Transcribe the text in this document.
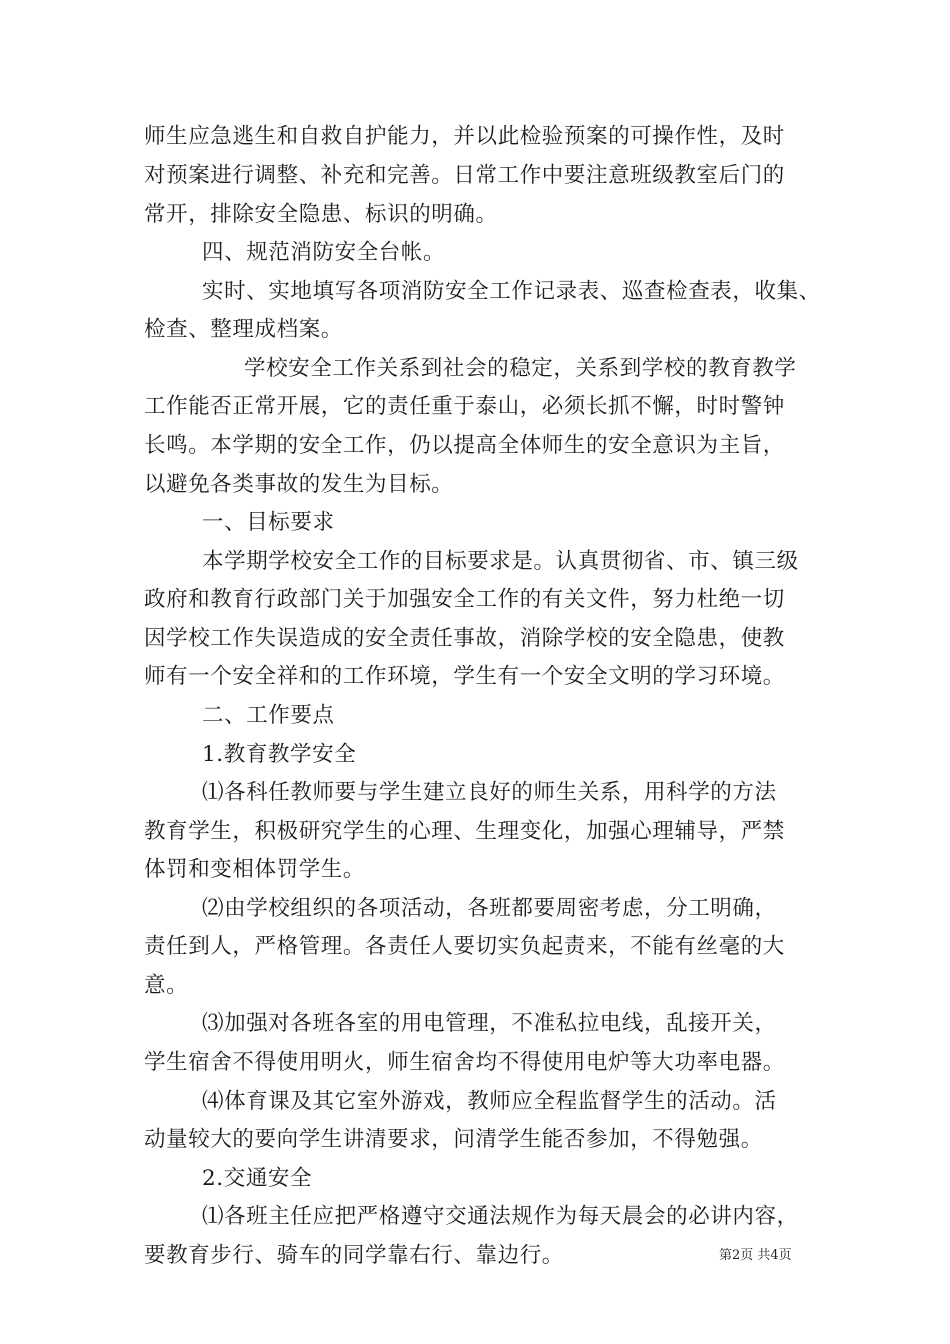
师生应急逃生和自救自护能力，并以此检验预案的可操作性，及时
对预案进行调整、补充和完善。日常工作中要注意班级教室后门的
常开，排除安全隐患、标识的明确。
四、规范消防安全台帐。
实时、实地填写各项消防安全工作记录表、巡查检查表，收集、
检查、整理成档案。
学校安全工作关系到社会的稳定，关系到学校的教育教学
工作能否正常开展，它的责任重于泰山，必须长抓不懈，时时警钟
长鸣。本学期的安全工作，仍以提高全体师生的安全意识为主旨，
以避免各类事故的发生为目标。
一、目标要求
本学期学校安全工作的目标要求是。认真贯彻省、市、镇三级
政府和教育行政部门关于加强安全工作的有关文件，努力杜绝一切
因学校工作失误造成的安全责任事故，消除学校的安全隐患，使教
师有一个安全祥和的工作环境，学生有一个安全文明的学习环境。
二、工作要点
1.教育教学安全
⑴各科任教师要与学生建立良好的师生关系，用科学的方法
教育学生，积极研究学生的心理、生理变化，加强心理辅导，严禁
体罚和变相体罚学生。
⑵由学校组织的各项活动，各班都要周密考虑，分工明确，
责任到人，严格管理。各责任人要切实负起责来，不能有丝毫的大
意。
⑶加强对各班各室的用电管理，不准私拉电线，乱接开关，
学生宿舍不得使用明火，师生宿舍均不得使用电炉等大功率电器。
⑷体育课及其它室外游戏，教师应全程监督学生的活动。活
动量较大的要向学生讲清要求，问清学生能否参加，不得勉强。
2.交通安全
⑴各班主任应把严格遵守交通法规作为每天晨会的必讲内容，
要教育步行、骑车的同学靠右行、靠边行。	第2页 共4页
